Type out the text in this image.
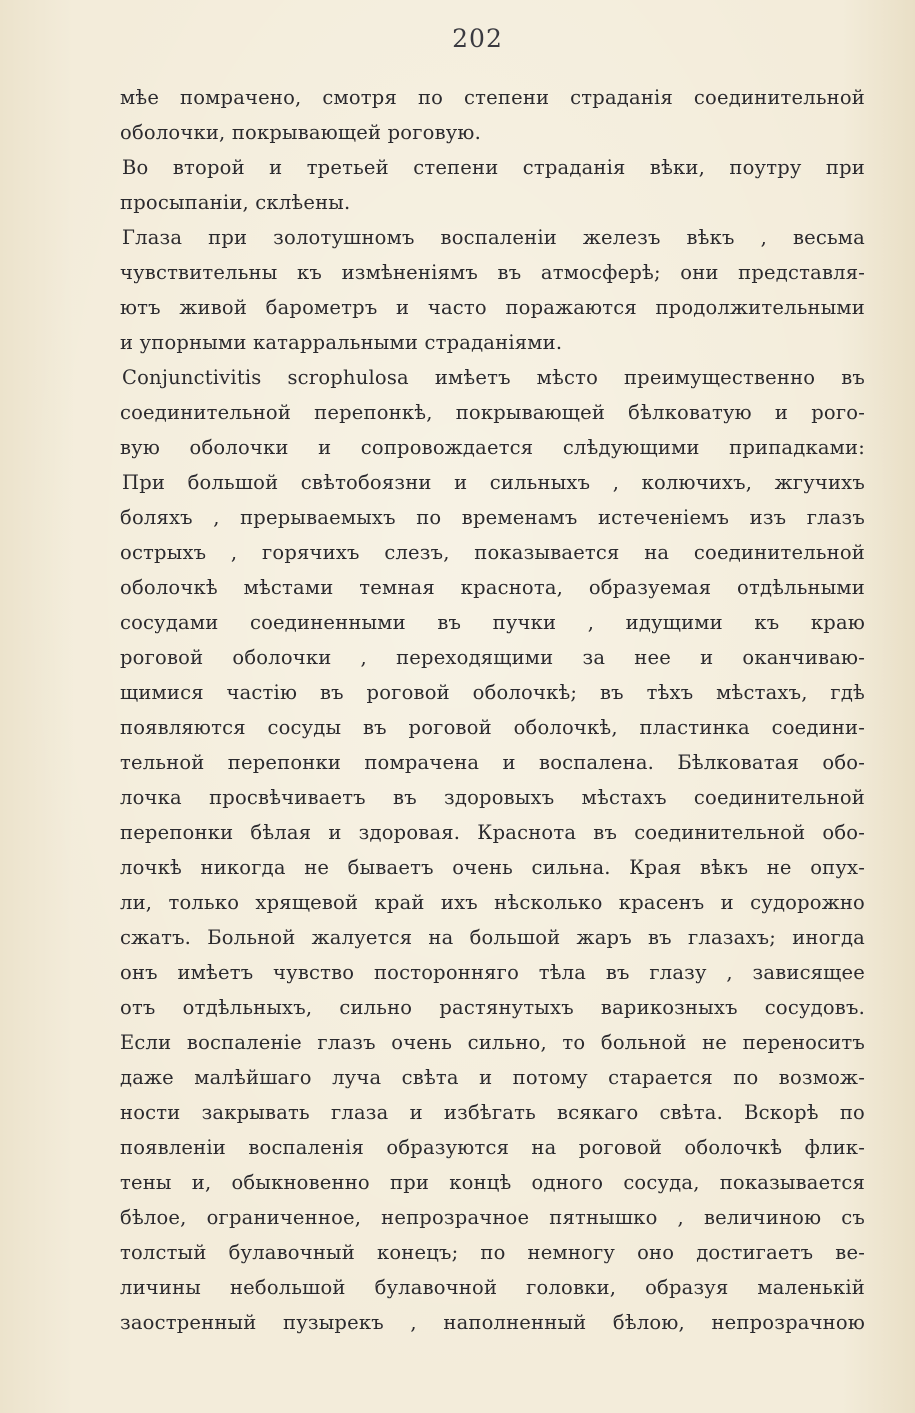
202
мѣе помрачено, смотря по степени страданія соединительной
оболочки, покрывающей роговую.
Во второй и третьей степени страданія вѣки, поутру при
просыпаніи, склѣены.
Глаза при золотушномъ воспаленіи железъ вѣкъ , весьма
чувствительны къ измѣненіямъ въ атмосферѣ; они представля-
ютъ живой барометръ и часто поражаются продолжительными
и упорными катарральными страданіями.
Conjunctivitis scrophulosa имѣетъ мѣсто преимущественно въ
соединительной перепонкѣ, покрывающей бѣлковатую и рого-
вую оболочки и сопровождается слѣдующими припадками:
При большой свѣтобоязни и сильныхъ , колючихъ, жгучихъ
боляхъ , прерываемыхъ по временамъ истеченіемъ изъ глазъ
острыхъ , горячихъ слезъ, показывается на соединительной
оболочкѣ мѣстами темная краснота, образуемая отдѣльными
сосудами соединенными въ пучки , идущими къ краю
роговой оболочки , переходящими за нее и оканчиваю-
щимися частію въ роговой оболочкѣ; въ тѣхъ мѣстахъ, гдѣ
появляются сосуды въ роговой оболочкѣ, пластинка соедини-
тельной перепонки помрачена и воспалена. Бѣлковатая обо-
лочка просвѣчиваетъ въ здоровыхъ мѣстахъ соединительной
перепонки бѣлая и здоровая. Краснота въ соединительной обо-
лочкѣ никогда не бываетъ очень сильна. Края вѣкъ не опух-
ли, только хрящевой край ихъ нѣсколько красенъ и судорожно
сжатъ. Больной жалуется на большой жаръ въ глазахъ; иногда
онъ имѣетъ чувство посторонняго тѣла въ глазу , зависящее
отъ отдѣльныхъ, сильно растянутыхъ варикозныхъ сосудовъ.
Если воспаленіе глазъ очень сильно, то больной не переноситъ
даже малѣйшаго луча свѣта и потому старается по возмож-
ности закрывать глаза и избѣгать всякаго свѣта. Вскорѣ по
появленіи воспаленія образуются на роговой оболочкѣ флик-
тены и, обыкновенно при концѣ одного сосуда, показывается
бѣлое, ограниченное, непрозрачное пятнышко , величиною съ
толстый булавочный конецъ; по немногу оно достигаетъ ве-
личины небольшой булавочной головки, образуя маленькій
заостренный пузырекъ , наполненный бѣлою, непрозрачною
